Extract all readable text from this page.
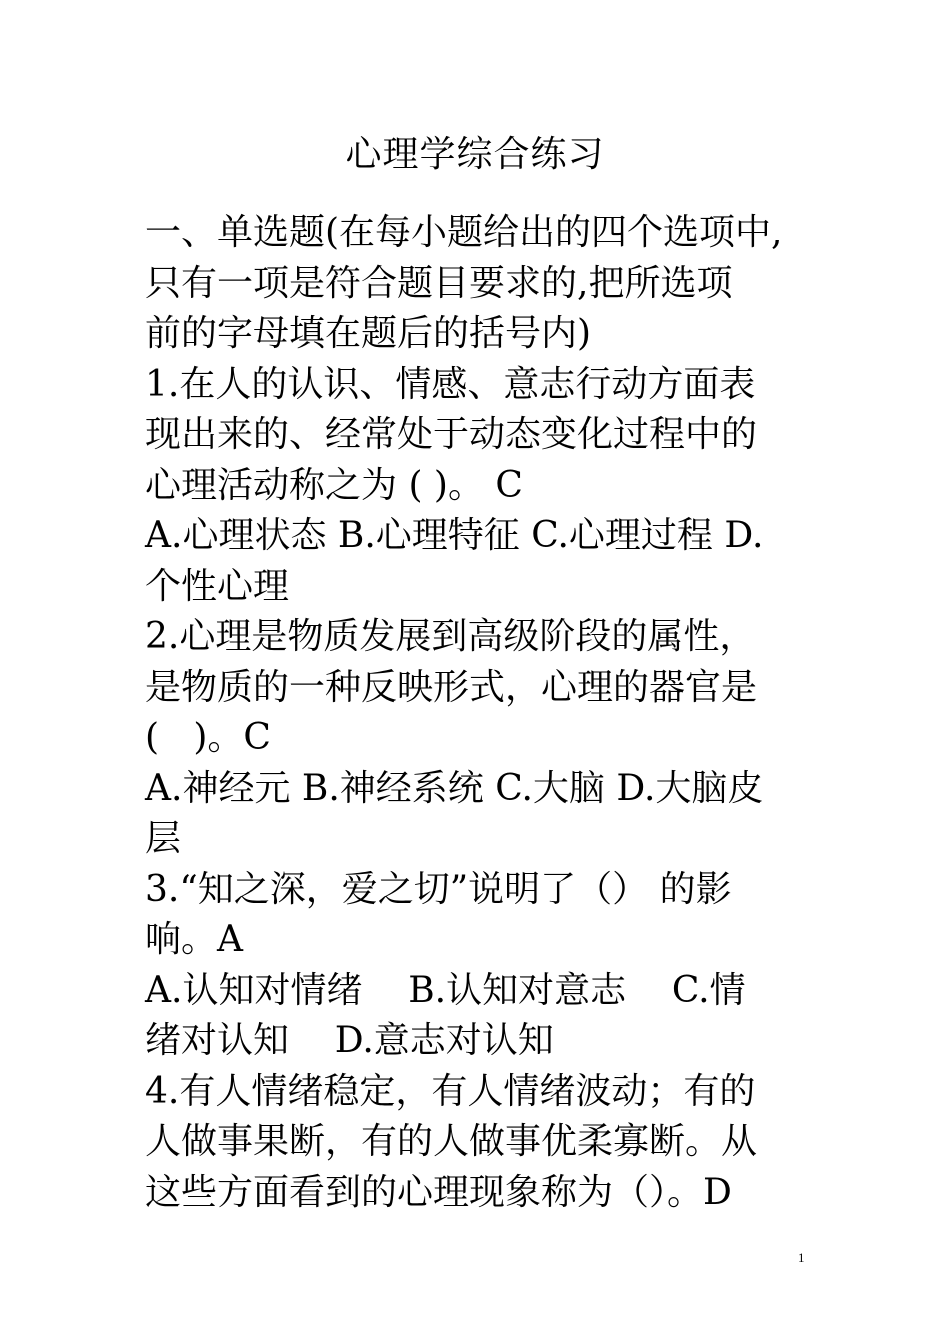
心理学综合练习
一、单选题(在每小题给出的四个选项中,
只有一项是符合题目要求的,把所选项
前的字母填在题后的括号内)
1.在人的认识、情感、意志行动方面表
现出来的、经常处于动态变化过程中的
心理活动称之为 ( )。 C
A.心理状态 B.心理特征 C.心理过程 D.
个性心理
2.心理是物质发展到高级阶段的属性，
是物质的一种反映形式，心理的器官是
(   )。C
A.神经元 B.神经系统 C.大脑 D.大脑皮
层
3.“知之深，爱之切”说明了（） 的影
响。A
A.认知对情绪    B.认知对意志    C.情
绪对认知    D.意志对认知
4.有人情绪稳定，有人情绪波动；有的
人做事果断，有的人做事优柔寡断。从
这些方面看到的心理现象称为（）。D
1
